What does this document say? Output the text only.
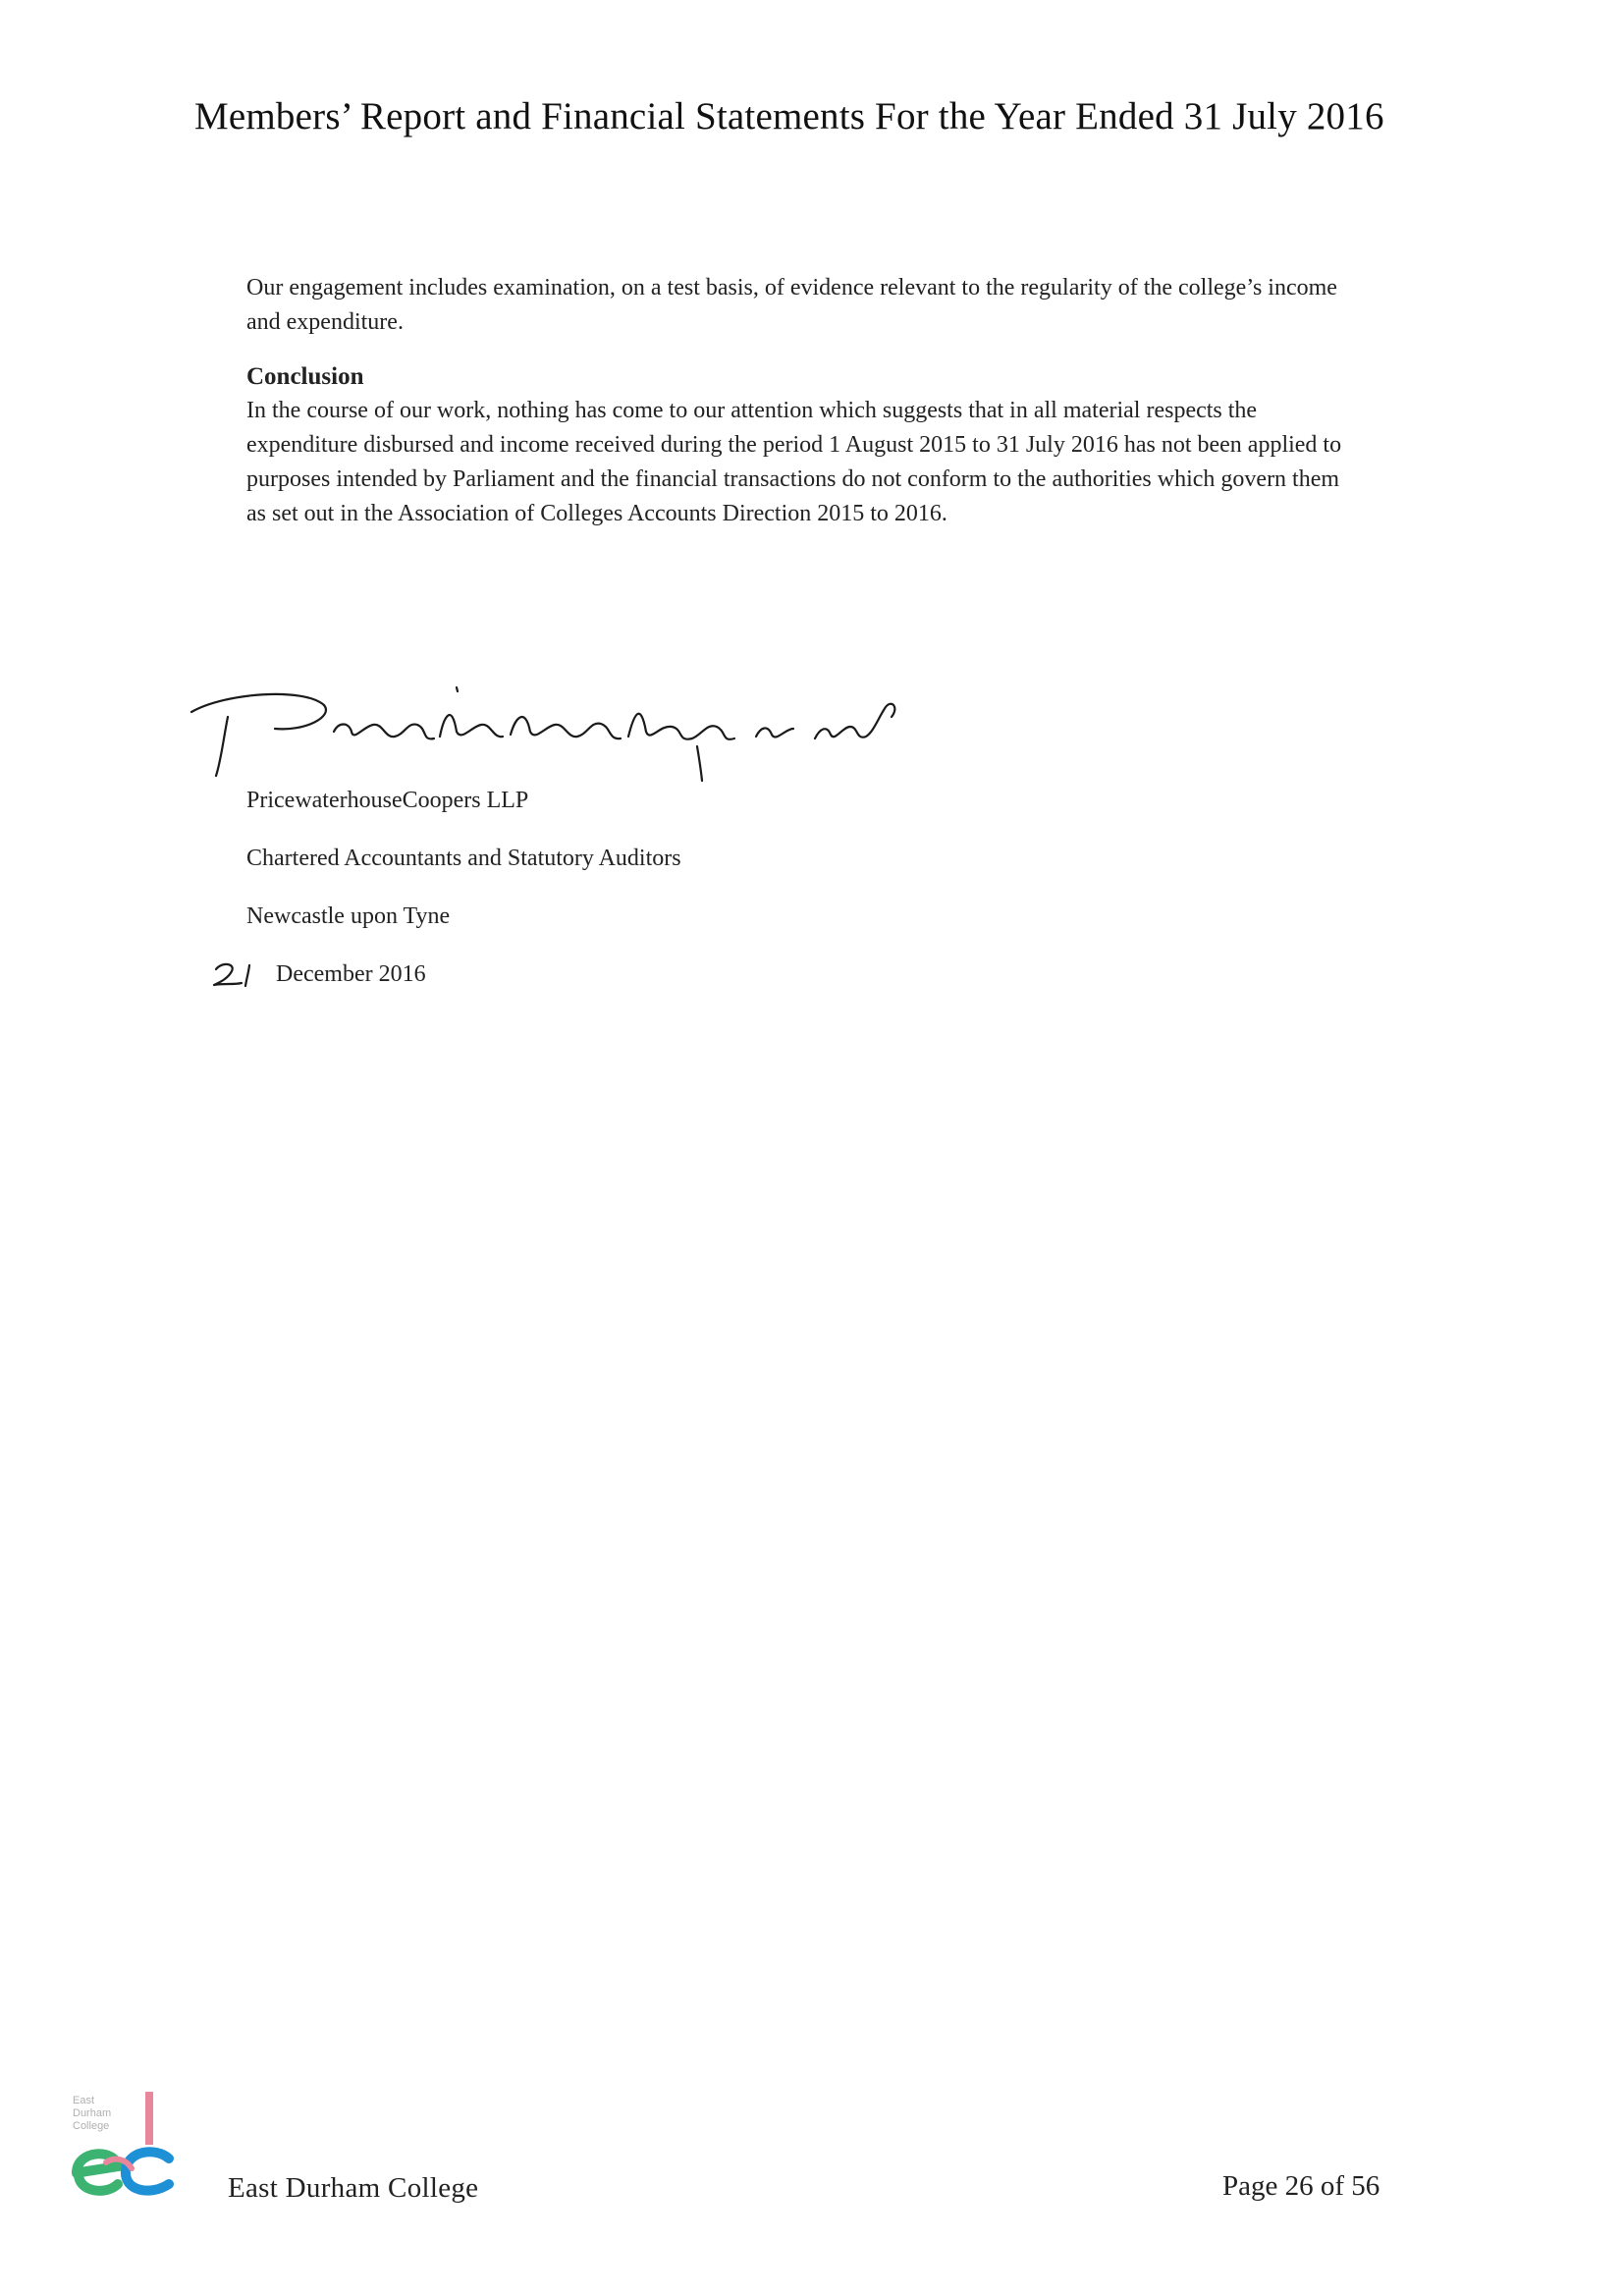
Members’ Report and Financial Statements For the Year Ended 31 July 2016

Our engagement includes examination, on a test basis, of evidence relevant to the regularity of the college’s income and expenditure.

Conclusion

In the course of our work, nothing has come to our attention which suggests that in all material respects the expenditure disbursed and income received during the period 1 August 2015 to 31 July 2016 has not been applied to purposes intended by Parliament and the financial transactions do not conform to the authorities which govern them as set out in the Association of Colleges Accounts Direction 2015 to 2016.

PricewaterhouseCoopers LLP
Chartered Accountants and Statutory Auditors
Newcastle upon Tyne
December 2016
East
Durham
College
East Durham College	Page 26 of 56
